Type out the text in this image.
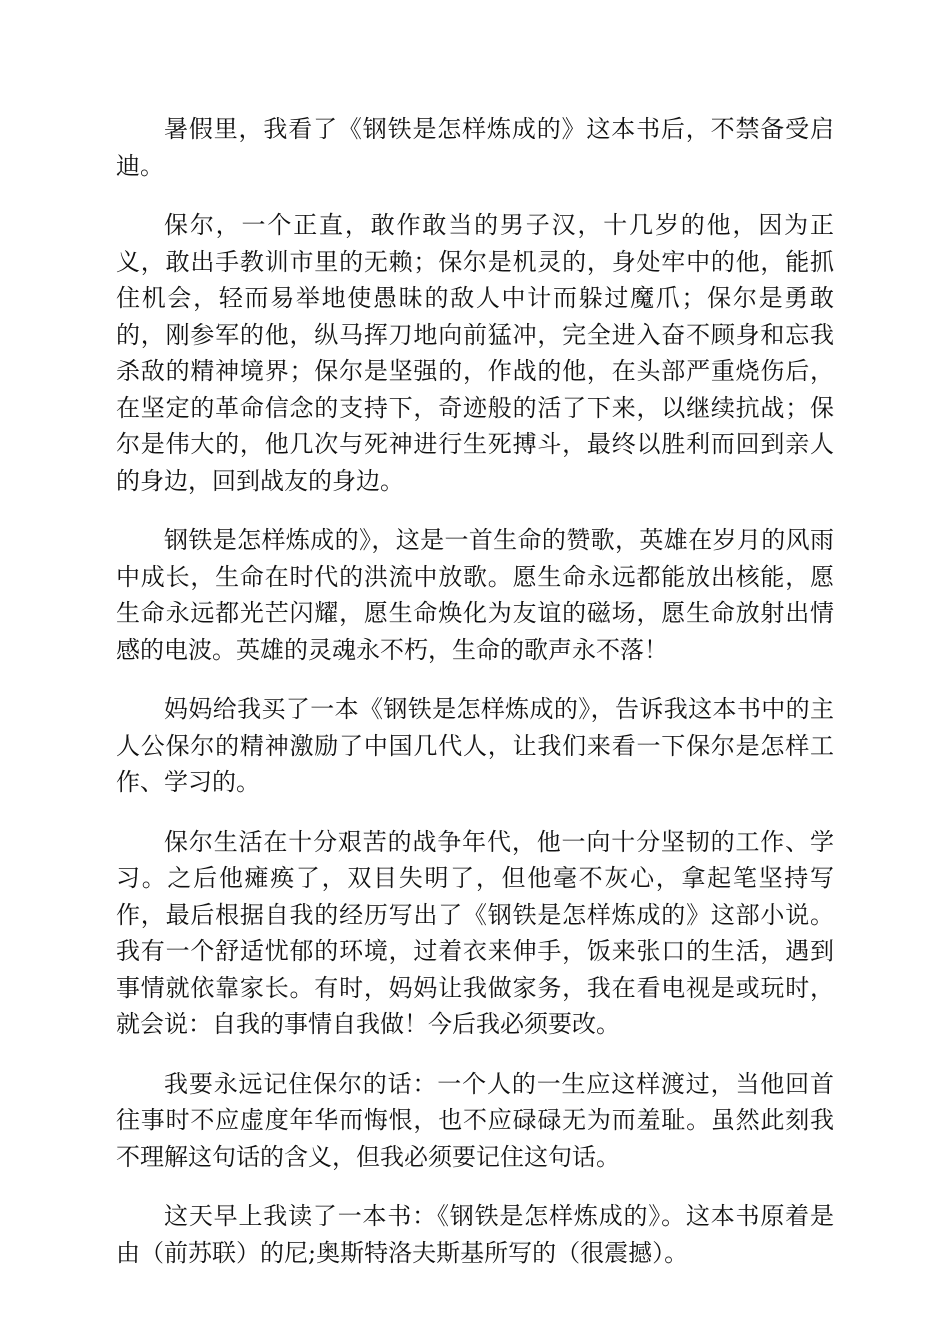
暑假里，我看了《钢铁是怎样炼成的》这本书后，不禁备受启迪。

保尔，一个正直，敢作敢当的男子汉，十几岁的他，因为正义，敢出手教训市里的无赖；保尔是机灵的，身处牢中的他，能抓住机会，轻而易举地使愚昧的敌人中计而躲过魔爪；保尔是勇敢的，刚参军的他，纵马挥刀地向前猛冲，完全进入奋不顾身和忘我杀敌的精神境界；保尔是坚强的，作战的他，在头部严重烧伤后，在坚定的革命信念的支持下，奇迹般的活了下来，以继续抗战；保尔是伟大的，他几次与死神进行生死搏斗，最终以胜利而回到亲人的身边，回到战友的身边。

钢铁是怎样炼成的》，这是一首生命的赞歌，英雄在岁月的风雨中成长，生命在时代的洪流中放歌。愿生命永远都能放出核能，愿生命永远都光芒闪耀，愿生命焕化为友谊的磁场，愿生命放射出情感的电波。英雄的灵魂永不朽，生命的歌声永不落！

妈妈给我买了一本《钢铁是怎样炼成的》，告诉我这本书中的主人公保尔的精神激励了中国几代人，让我们来看一下保尔是怎样工作、学习的。

保尔生活在十分艰苦的战争年代，他一向十分坚韧的工作、学习。之后他瘫痪了，双目失明了，但他毫不灰心，拿起笔坚持写作，最后根据自我的经历写出了《钢铁是怎样炼成的》这部小说。我有一个舒适忧郁的环境，过着衣来伸手，饭来张口的生活，遇到事情就依靠家长。有时，妈妈让我做家务，我在看电视是或玩时，就会说：自我的事情自我做！今后我必须要改。

我要永远记住保尔的话：一个人的一生应这样渡过，当他回首往事时不应虚度年华而悔恨，也不应碌碌无为而羞耻。虽然此刻我不理解这句话的含义，但我必须要记住这句话。

这天早上我读了一本书：《钢铁是怎样炼成的》。这本书原着是由（前苏联）的尼;奥斯特洛夫斯基所写的（很震撼）。
